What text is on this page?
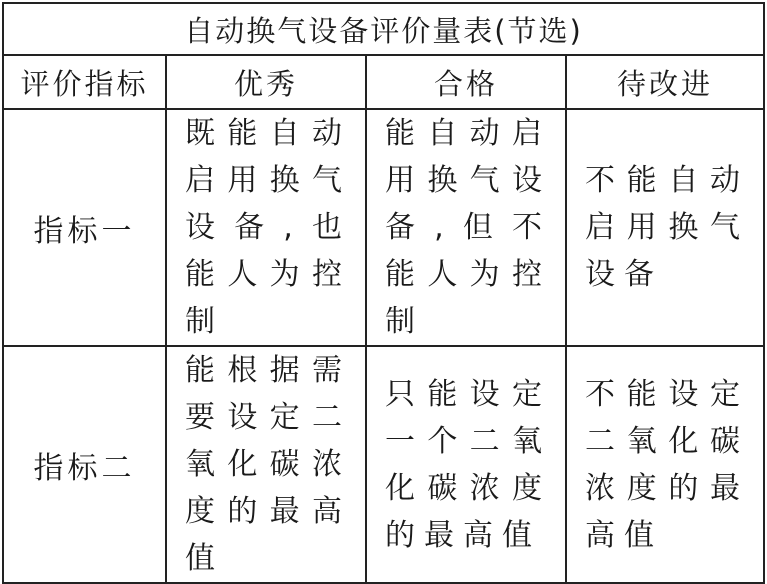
自动换气设备评价量表(节选)			
评价指标	优秀	合格	待改进
指标一	既能自动启用换气设备,也能人为控制	能自动启用换气设备,但不能人为控制	不能自动启用换气设备
指标二	能根据需要设定二氧化碳浓度的最高值	只能设定一个二氧化碳浓度的最高值	不能设定二氧化碳浓度的最高值
